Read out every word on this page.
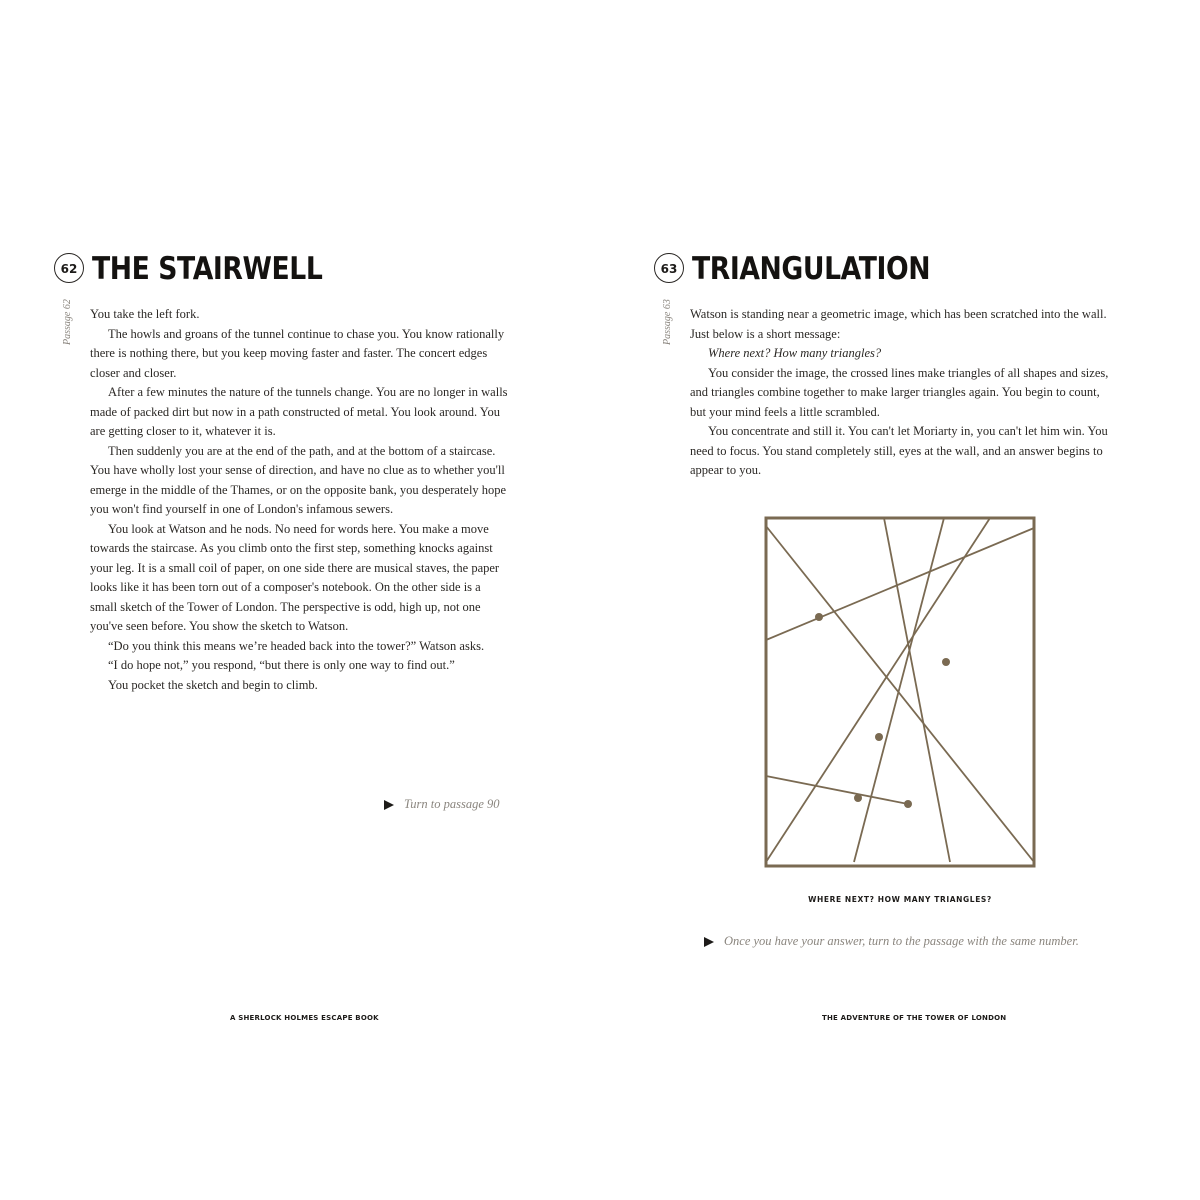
62 THE STAIRWELL
Passage 62 You take the left fork.

The howls and groans of the tunnel continue to chase you. You know rationally there is nothing there, but you keep moving faster and faster. The concert edges closer and closer.

After a few minutes the nature of the tunnels change. You are no longer in walls made of packed dirt but now in a path constructed of metal. You look around. You are getting closer to it, whatever it is.

Then suddenly you are at the end of the path, and at the bottom of a staircase. You have wholly lost your sense of direction, and have no clue as to whether you'll emerge in the middle of the Thames, or on the opposite bank, you desperately hope you won't find yourself in one of London's infamous sewers.

You look at Watson and he nods. No need for words here. You make a move towards the staircase. As you climb onto the first step, something knocks against your leg. It is a small coil of paper, on one side there are musical staves, the paper looks like it has been torn out of a composer's notebook. On the other side is a small sketch of the Tower of London. The perspective is odd, high up, not one you've seen before. You show the sketch to Watson.

“Do you think this means we’re headed back into the tower?” Watson asks.

“I do hope not,” you respond, “but there is only one way to find out.”

You pocket the sketch and begin to climb.

Turn to passage 90
A SHERLOCK HOLMES ESCAPE BOOK
63 TRIANGULATION
Passage 63 Watson is standing near a geometric image, which has been scratched into the wall. Just below is a short message:

Where next? How many triangles?

You consider the image, the crossed lines make triangles of all shapes and sizes, and triangles combine together to make larger triangles again. You begin to count, but your mind feels a little scrambled.

You concentrate and still it. You can't let Moriarty in, you can't let him win. You need to focus. You stand completely still, eyes at the wall, and an answer begins to appear to you.

WHERE NEXT? HOW MANY TRIANGLES?
Once you have your answer, turn to the passage with the same number.
THE ADVENTURE OF THE TOWER OF LONDON
